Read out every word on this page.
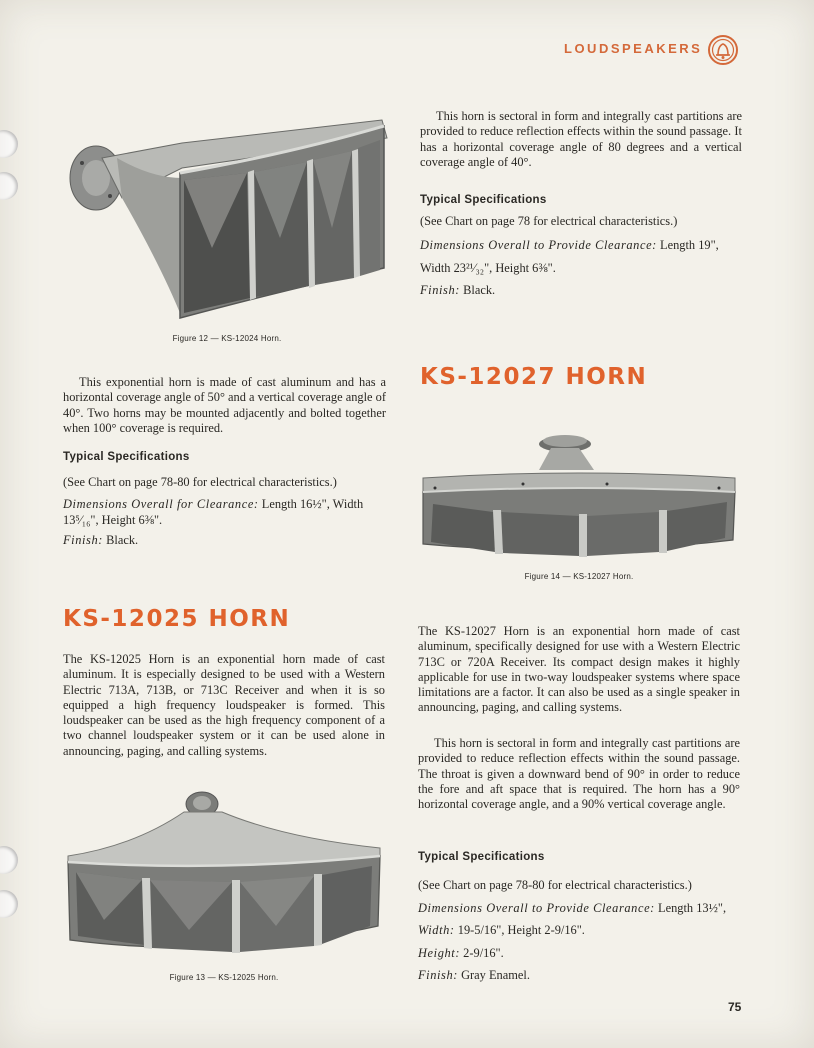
LOUDSPEAKERS
Figure 12 — KS-12024 Horn.

This exponential horn is made of cast aluminum and has a horizontal coverage angle of 50° and a vertical coverage angle of 40°. Two horns may be mounted adjacently and bolted together when 100° coverage is required.

Typical Specifications
(See Chart on page 78-80 for electrical characteristics.)
Dimensions Overall for Clearance: Length 16½", Width
13⁵⁄₁₆", Height 6⅜".
Finish: Black.

This horn is sectoral in form and integrally cast partitions are provided to reduce reflection effects within the sound passage. It has a horizontal coverage angle of 80 degrees and a vertical coverage angle of 40°.

Typical Specifications
(See Chart on page 78 for electrical characteristics.)
Dimensions Overall to Provide Clearance: Length 19",
Width 23²¹⁄₃₂", Height 6⅜".
Finish: Black.
KS-12027 HORN
Figure 14 — KS-12027 Horn.

The KS-12027 Horn is an exponential horn made of cast aluminum, specifically designed for use with a Western Electric 713C or 720A Receiver. Its compact design makes it highly applicable for use in two-way loudspeaker systems where space limitations are a factor. It can also be used as a single speaker in announcing, paging, and calling systems.

This horn is sectoral in form and integrally cast partitions are provided to reduce reflection effects within the sound passage. The throat is given a downward bend of 90° in order to reduce the fore and aft space that is required. The horn has a 90° horizontal coverage angle, and a 90% vertical coverage angle.

Typical Specifications
(See Chart on page 78-80 for electrical characteristics.)
Dimensions Overall to Provide Clearance: Length 13½",
Width: 19-5/16", Height 2-9/16".
Height: 2-9/16".
Finish: Gray Enamel.
KS-12025 HORN

The KS-12025 Horn is an exponential horn made of cast aluminum. It is especially designed to be used with a Western Electric 713A, 713B, or 713C Receiver and when it is so equipped a high frequency loudspeaker is formed. This loudspeaker can be used as the high frequency component of a two channel loudspeaker system or it can be used alone in announcing, paging, and calling systems.

Figure 13 — KS-12025 Horn.
75
